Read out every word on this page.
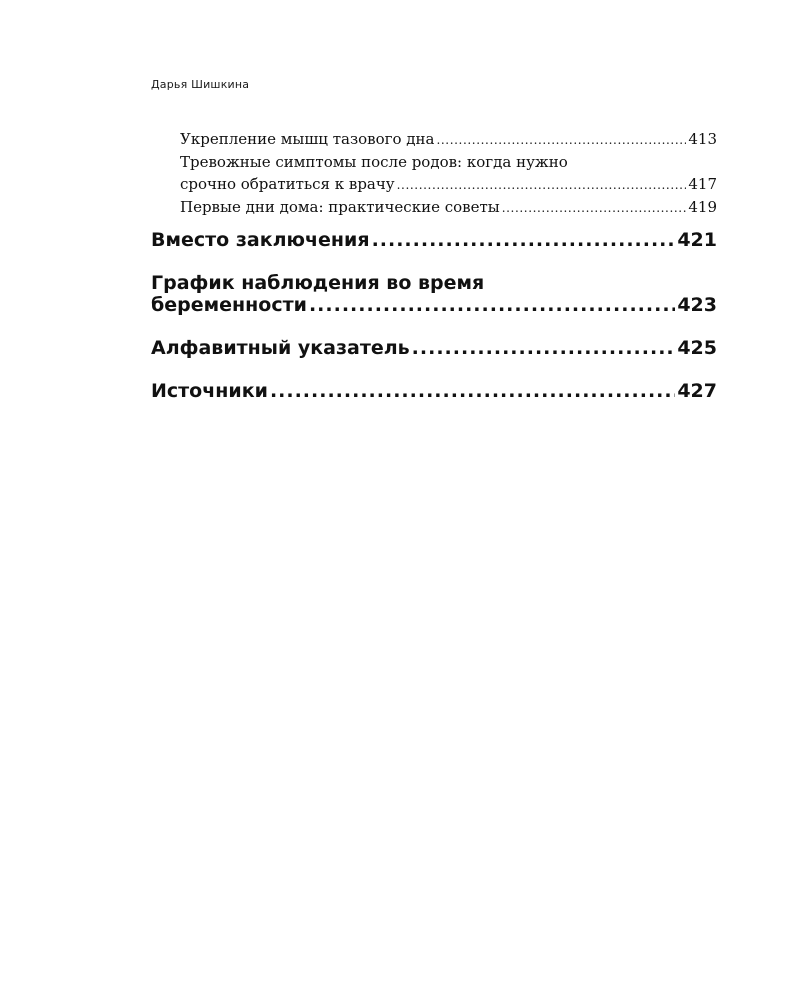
Дарья Шишкина
Укрепление мышц тазового дна .....	413
Тревожные симптомы после родов: когда нужно
срочно обратиться к врачу .....	417
Первые дни дома: практические советы .....	419
Вместо заключения .....	421
График наблюдения во время
беременности .....	423
Алфавитный указатель .....	425
Источники .....	427
